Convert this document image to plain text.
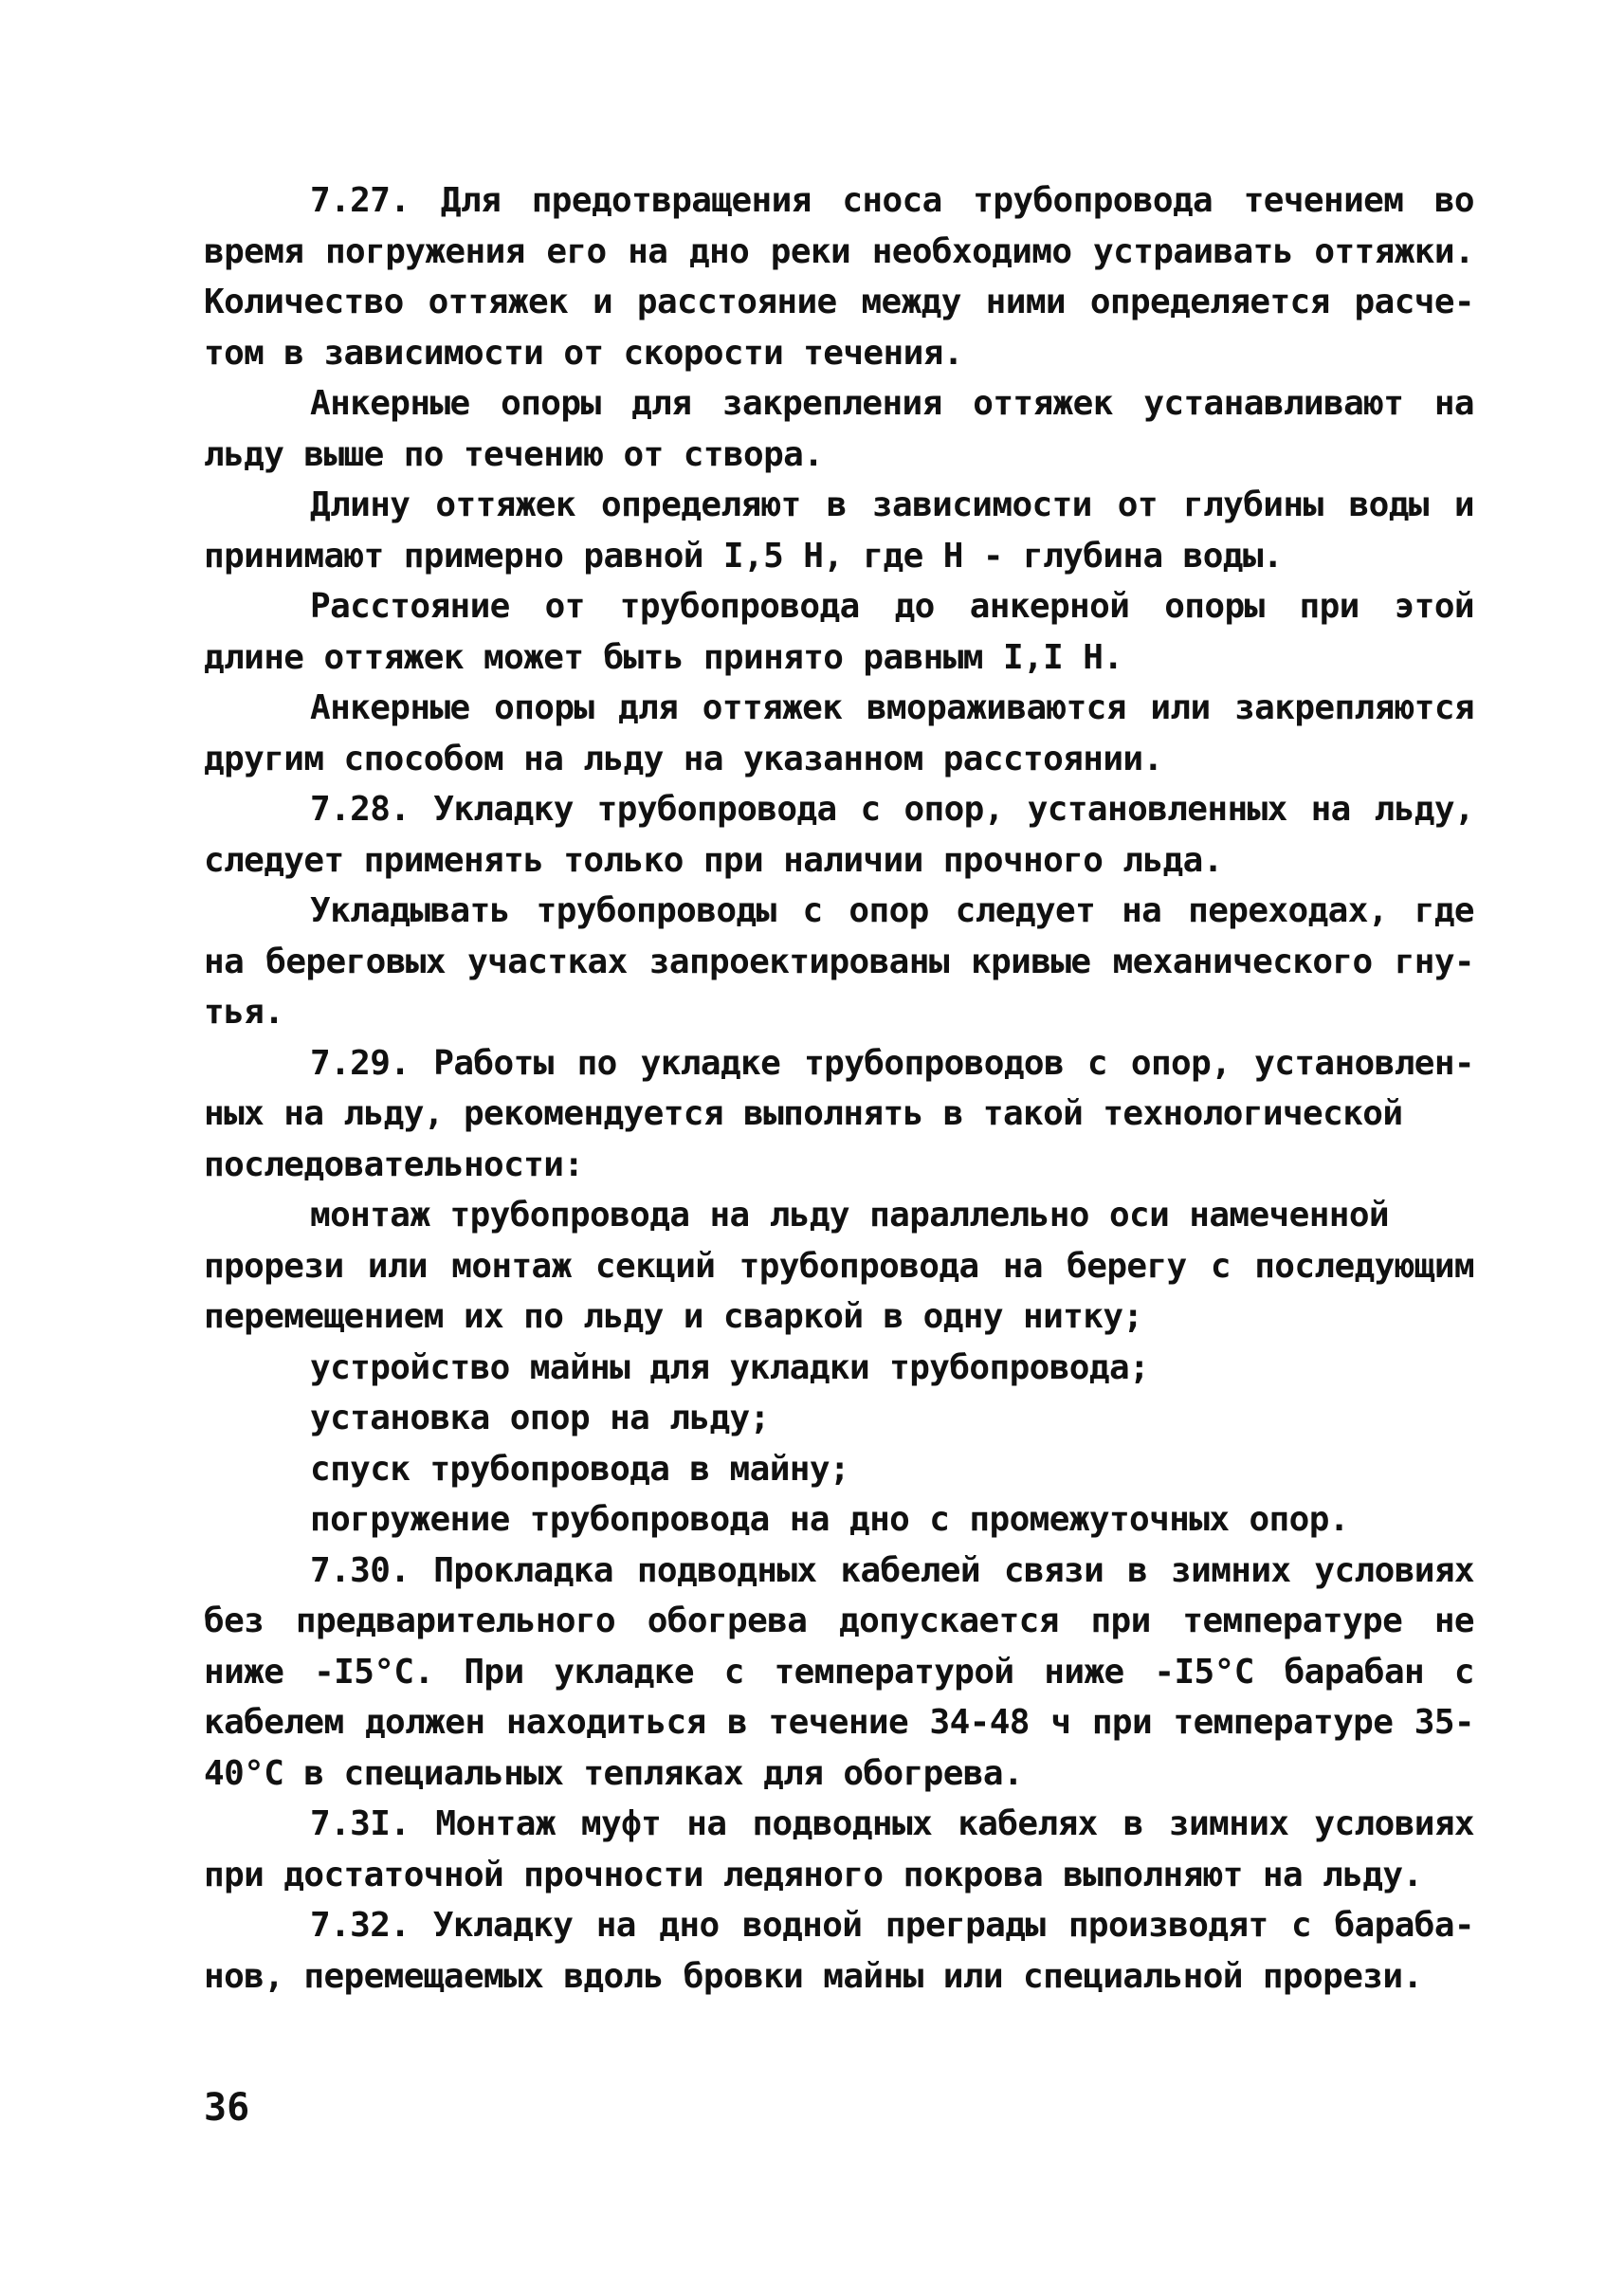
7.27. Для предотвращения сноса трубопровода течением во
время погружения его на дно реки необходимо устраивать оттяжки.
Количество оттяжек и расстояние между ними определяется расче-
том в зависимости от скорости течения.
Анкерные опоры для закрепления оттяжек устанавливают на
льду выше по течению от створа.
Длину оттяжек определяют в зависимости от глубины воды и
принимают примерно равной I,5 Н, где Н - глубина воды.
Расстояние от трубопровода до анкерной опоры при этой
длине оттяжек может быть принято равным I,I Н.
Анкерные опоры для оттяжек вмораживаются или закрепляются
другим способом на льду на указанном расстоянии.
7.28. Укладку трубопровода с опор, установленных на льду,
следует применять только при наличии прочного льда.
Укладывать трубопроводы с опор следует на переходах, где
на береговых участках запроектированы кривые механического гну-
тья.
7.29. Работы по укладке трубопроводов с опор, установлен-
ных на льду, рекомендуется выполнять в такой технологической
последовательности:
монтаж трубопровода на льду параллельно оси намеченной
прорези или монтаж секций трубопровода на берегу с последующим
перемещением их по льду и сваркой в одну нитку;
устройство майны для укладки трубопровода;
установка опор на льду;
спуск трубопровода в майну;
погружение трубопровода на дно с промежуточных опор.
7.30. Прокладка подводных кабелей связи в зимних условиях
без предварительного обогрева допускается при температуре не
ниже -I5°С. При укладке с температурой ниже -I5°С барабан с
кабелем должен находиться в течение 34-48 ч при температуре 35-
40°С в специальных тепляках для обогрева.
7.3I. Монтаж муфт на подводных кабелях в зимних условиях
при достаточной прочности ледяного покрова выполняют на льду.
7.32. Укладку на дно водной преграды производят с бараба-
нов, перемещаемых вдоль бровки майны или специальной прорези.
36
